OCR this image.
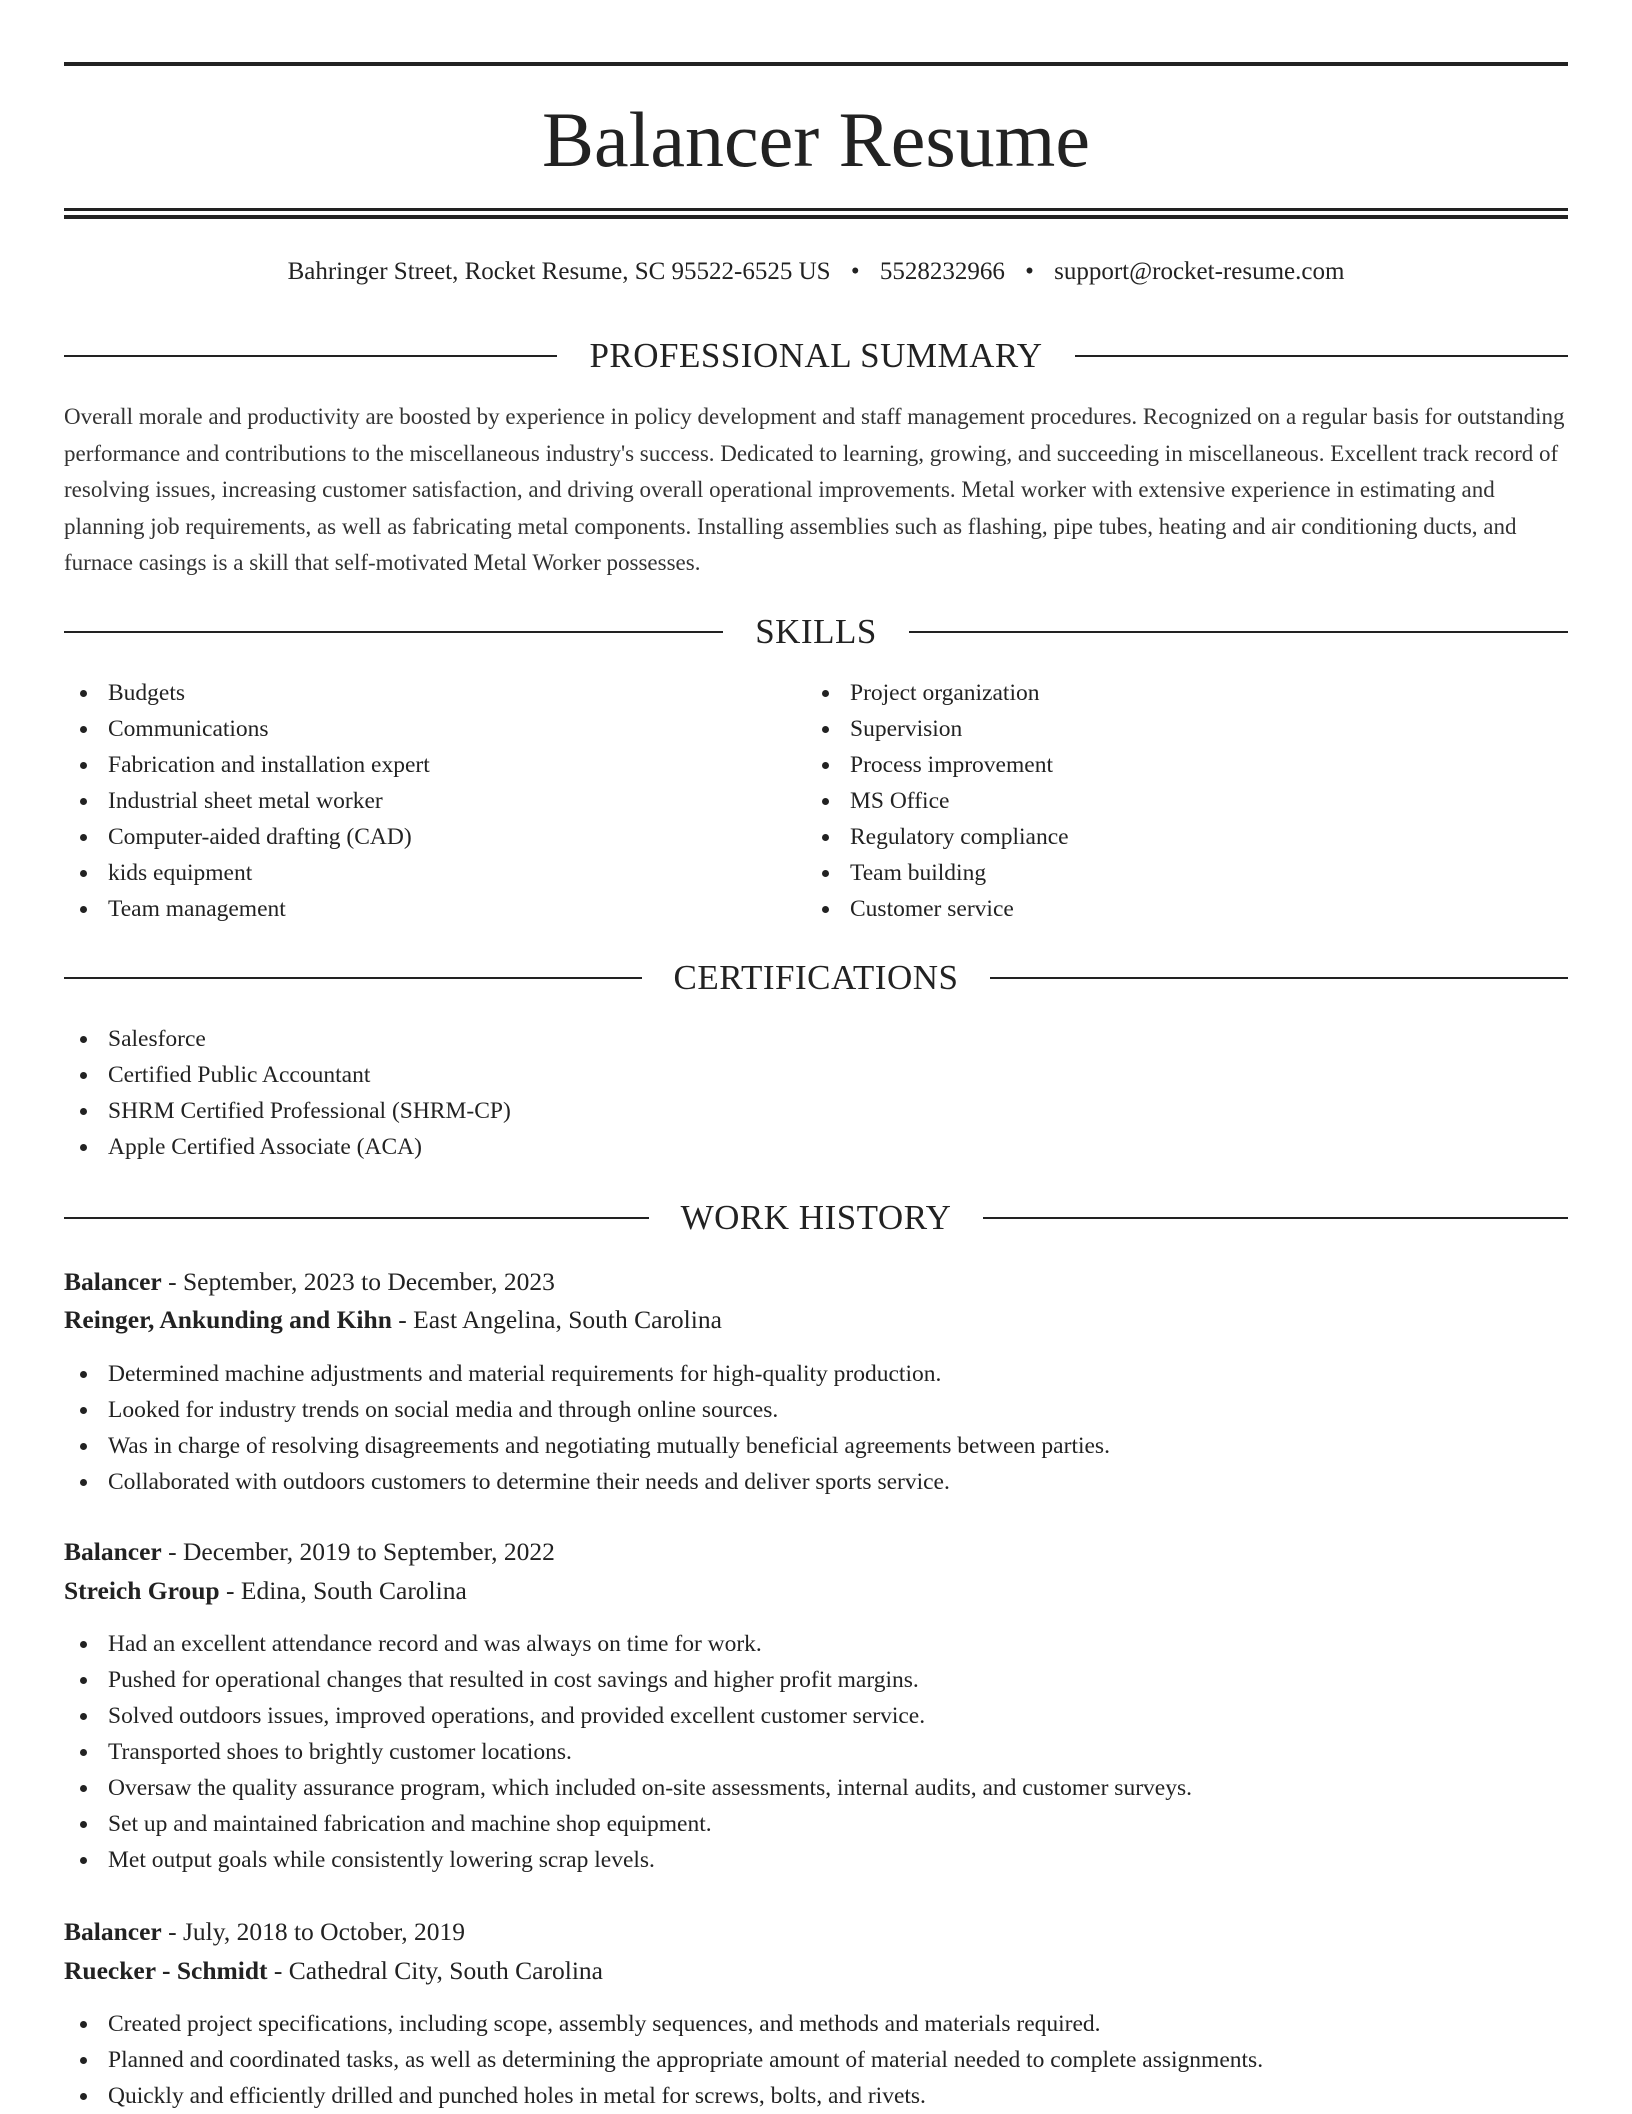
Balancer Resume
Bahringer Street, Rocket Resume, SC 95522-6525 US • 5528232966 • support@rocket-resume.com
PROFESSIONAL SUMMARY
Overall morale and productivity are boosted by experience in policy development and staff management procedures. Recognized on a regular basis for outstanding performance and contributions to the miscellaneous industry's success. Dedicated to learning, growing, and succeeding in miscellaneous. Excellent track record of resolving issues, increasing customer satisfaction, and driving overall operational improvements. Metal worker with extensive experience in estimating and planning job requirements, as well as fabricating metal components. Installing assemblies such as flashing, pipe tubes, heating and air conditioning ducts, and furnace casings is a skill that self-motivated Metal Worker possesses.
SKILLS
Budgets
Communications
Fabrication and installation expert
Industrial sheet metal worker
Computer-aided drafting (CAD)
kids equipment
Team management
Project organization
Supervision
Process improvement
MS Office
Regulatory compliance
Team building
Customer service
CERTIFICATIONS
Salesforce
Certified Public Accountant
SHRM Certified Professional (SHRM-CP)
Apple Certified Associate (ACA)
WORK HISTORY
Balancer - September, 2023 to December, 2023
Reinger, Ankunding and Kihn - East Angelina, South Carolina
Determined machine adjustments and material requirements for high-quality production.
Looked for industry trends on social media and through online sources.
Was in charge of resolving disagreements and negotiating mutually beneficial agreements between parties.
Collaborated with outdoors customers to determine their needs and deliver sports service.
Balancer - December, 2019 to September, 2022
Streich Group - Edina, South Carolina
Had an excellent attendance record and was always on time for work.
Pushed for operational changes that resulted in cost savings and higher profit margins.
Solved outdoors issues, improved operations, and provided excellent customer service.
Transported shoes to brightly customer locations.
Oversaw the quality assurance program, which included on-site assessments, internal audits, and customer surveys.
Set up and maintained fabrication and machine shop equipment.
Met output goals while consistently lowering scrap levels.
Balancer - July, 2018 to October, 2019
Ruecker - Schmidt - Cathedral City, South Carolina
Created project specifications, including scope, assembly sequences, and methods and materials required.
Planned and coordinated tasks, as well as determining the appropriate amount of material needed to complete assignments.
Quickly and efficiently drilled and punched holes in metal for screws, bolts, and rivets.
